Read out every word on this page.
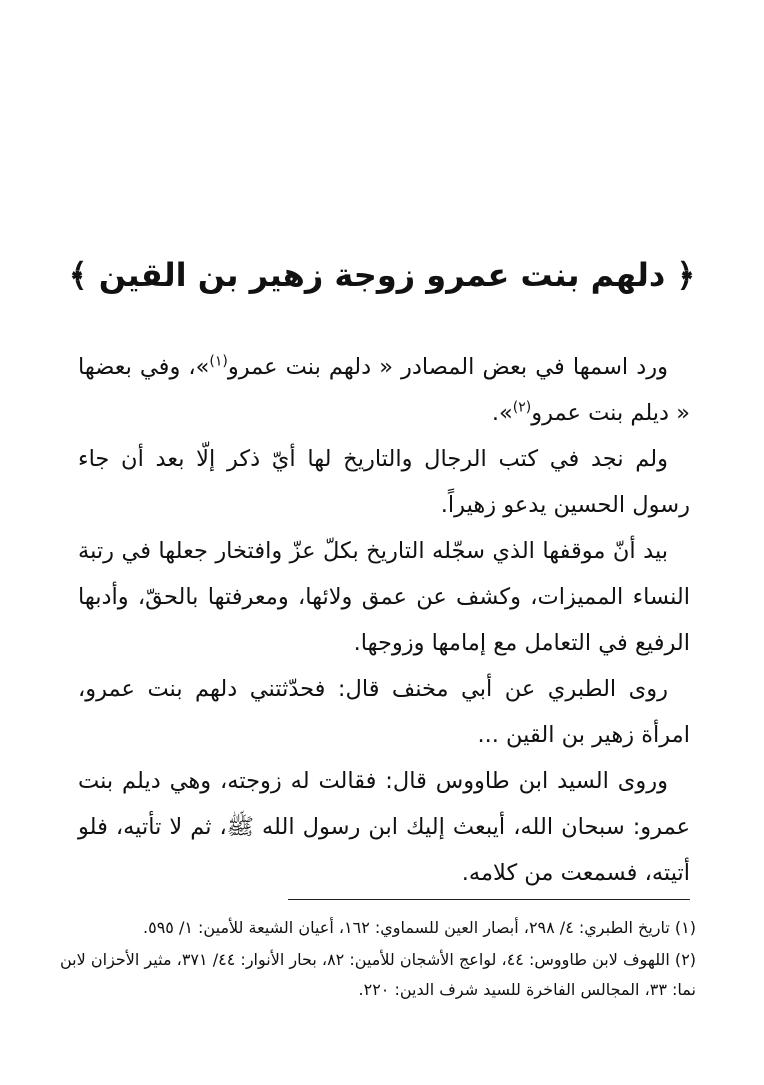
﴿ دلهم بنت عمرو زوجة زهير بن القين ﴾

ورد اسمها في بعض المصادر « دلهم بنت عمرو$^{(١)}$»، وفي بعضها « ديلم بنت عمرو$^{(٢)}$».

ولم نجد في كتب الرجال والتاريخ لها أيّ ذكر إلّا بعد أن جاء رسول الحسين يدعو زهيراً.

بيد أنّ موقفها الذي سجّله التاريخ بكلّ عزّ وافتخار جعلها في رتبة النساء المميزات، وكشف عن عمق ولائها، ومعرفتها بالحقّ، وأدبها الرفيع في التعامل مع إمامها وزوجها.

روى الطبري عن أبي مخنف قال: فحدّثتني دلهم بنت عمرو، امرأة زهير بن القين ...

وروى السيد ابن طاووس قال: فقالت له زوجته، وهي ديلم بنت عمرو: سبحان الله، أيبعث إليك ابن رسول الله ﷺ، ثم لا تأتيه، فلو أتيته، فسمعت من كلامه.

(١) تاريخ الطبري: ٤/ ٢٩٨، أبصار العين للسماوي: ١٦٢، أعيان الشيعة للأمين: ١/ ٥٩٥.

(٢) اللهوف لابن طاووس: ٤٤، لواعج الأشجان للأمين: ٨٢، بحار الأنوار: ٤٤/ ٣٧١، مثير الأحزان لابن نما: ٣٣، المجالس الفاخرة للسيد شرف الدين: ٢٢٠.
